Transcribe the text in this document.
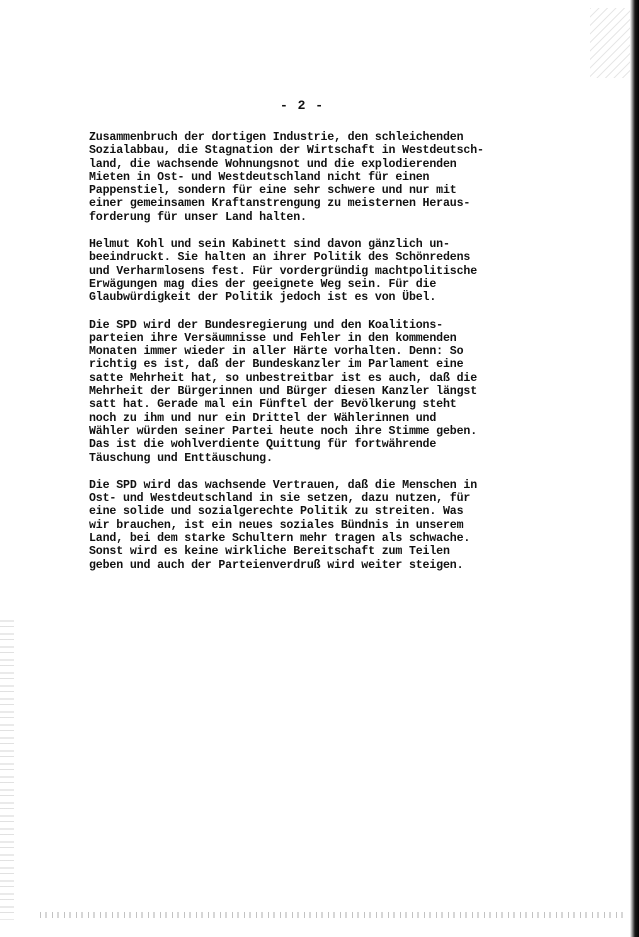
- 2 -

Zusammenbruch der dortigen Industrie, den schleichenden
Sozialabbau, die Stagnation der Wirtschaft in Westdeutsch-
land, die wachsende Wohnungsnot und die explodierenden
Mieten in Ost- und Westdeutschland nicht für einen
Pappenstiel, sondern für eine sehr schwere und nur mit
einer gemeinsamen Kraftanstrengung zu meisternen Heraus-
forderung für unser Land halten.

Helmut Kohl und sein Kabinett sind davon gänzlich un-
beeindruckt. Sie halten an ihrer Politik des Schönredens
und Verharmlosens fest. Für vordergründig machtpolitische
Erwägungen mag dies der geeignete Weg sein. Für die
Glaubwürdigkeit der Politik jedoch ist es von Übel.

Die SPD wird der Bundesregierung und den Koalitions-
parteien ihre Versäumnisse und Fehler in den kommenden
Monaten immer wieder in aller Härte vorhalten. Denn: So
richtig es ist, daß der Bundeskanzler im Parlament eine
satte Mehrheit hat, so unbestreitbar ist es auch, daß die
Mehrheit der Bürgerinnen und Bürger diesen Kanzler längst
satt hat. Gerade mal ein Fünftel der Bevölkerung steht
noch zu ihm und nur ein Drittel der Wählerinnen und
Wähler würden seiner Partei heute noch ihre Stimme geben.
Das ist die wohlverdiente Quittung für fortwährende
Täuschung und Enttäuschung.

Die SPD wird das wachsende Vertrauen, daß die Menschen in
Ost- und Westdeutschland in sie setzen, dazu nutzen, für
eine solide und sozialgerechte Politik zu streiten. Was
wir brauchen, ist ein neues soziales Bündnis in unserem
Land, bei dem starke Schultern mehr tragen als schwache.
Sonst wird es keine wirkliche Bereitschaft zum Teilen
geben und auch der Parteienverdruß wird weiter steigen.
